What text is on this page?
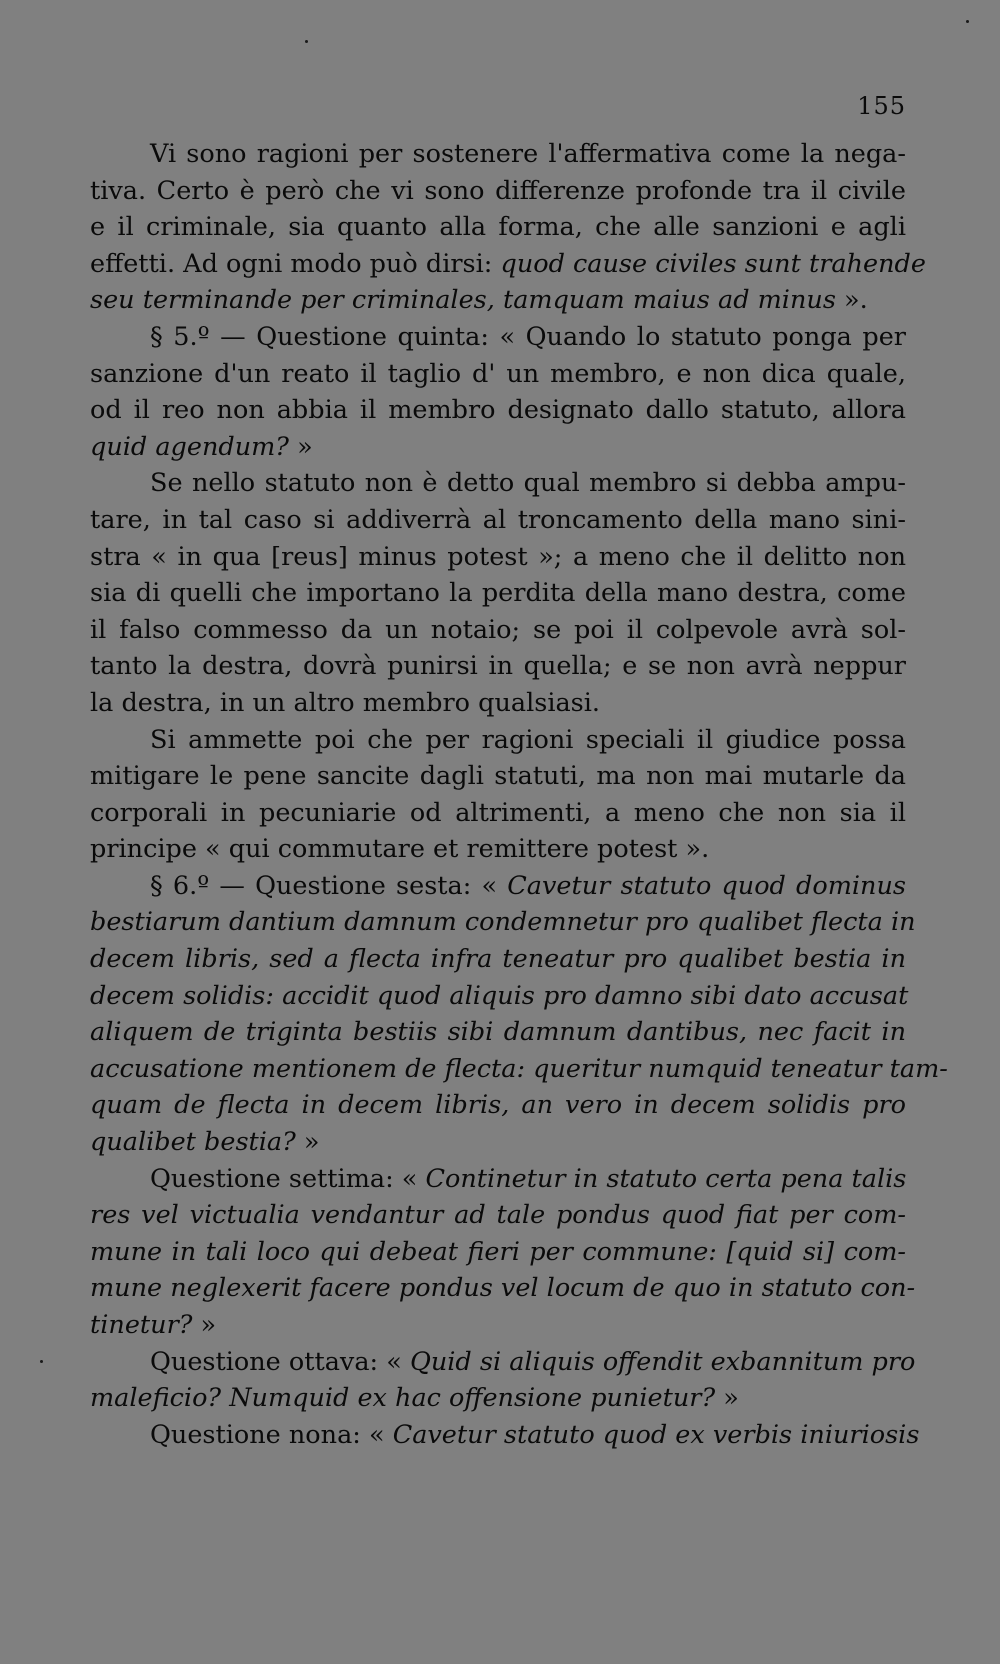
155
Vi sono ragioni per sostenere l'affermativa come la nega-
tiva. Certo è però che vi sono differenze profonde tra il civile
e il criminale, sia quanto alla forma, che alle sanzioni e agli
effetti. Ad ogni modo può dirsi: quod cause civiles sunt trahende
seu terminande per criminales, tamquam maius ad minus ».
§ 5.º — Questione quinta: « Quando lo statuto ponga per
sanzione d'un reato il taglio d' un membro, e non dica quale,
od il reo non abbia il membro designato dallo statuto, allora
quid agendum? »
Se nello statuto non è detto qual membro si debba ampu-
tare, in tal caso si addiverrà al troncamento della mano sini-
stra « in qua [reus] minus potest »; a meno che il delitto non
sia di quelli che importano la perdita della mano destra, come
il falso commesso da un notaio; se poi il colpevole avrà sol-
tanto la destra, dovrà punirsi in quella; e se non avrà neppur
la destra, in un altro membro qualsiasi.
Si ammette poi che per ragioni speciali il giudice possa
mitigare le pene sancite dagli statuti, ma non mai mutarle da
corporali in pecuniarie od altrimenti, a meno che non sia il
principe « qui commutare et remittere potest ».
§ 6.º — Questione sesta: « Cavetur statuto quod dominus
bestiarum dantium damnum condemnetur pro qualibet flecta in
decem libris, sed a flecta infra teneatur pro qualibet bestia in
decem solidis: accidit quod aliquis pro damno sibi dato accusat
aliquem de triginta bestiis sibi damnum dantibus, nec facit in
accusatione mentionem de flecta: queritur numquid teneatur tam-
quam de flecta in decem libris, an vero in decem solidis pro
qualibet bestia? »
Questione settima: « Continetur in statuto certa pena talis
res vel victualia vendantur ad tale pondus quod fiat per com-
mune in tali loco qui debeat fieri per commune: [quid si] com-
mune neglexerit facere pondus vel locum de quo in statuto con-
tinetur? »
Questione ottava: « Quid si aliquis offendit exbannitum pro
maleficio? Numquid ex hac offensione punietur? »
Questione nona: « Cavetur statuto quod ex verbis iniuriosis
